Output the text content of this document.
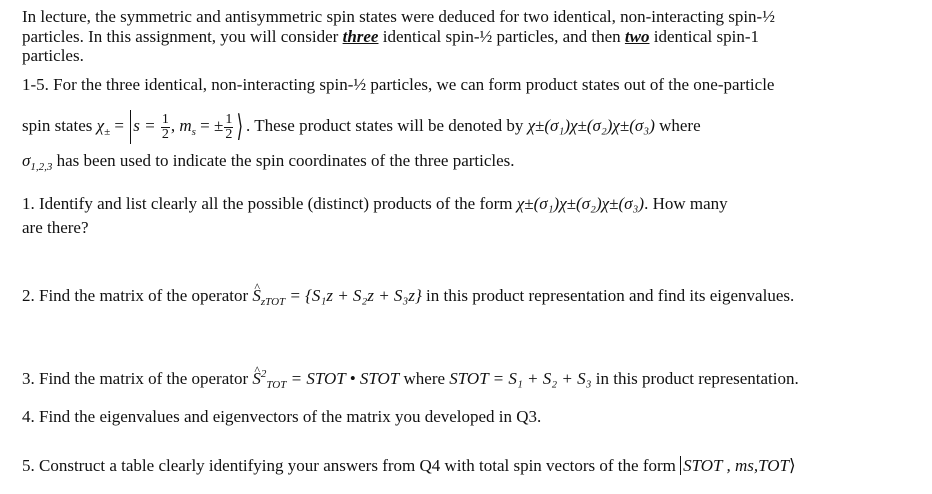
In lecture, the symmetric and antisymmetric spin states were deduced for two identical, non-interacting spin-½
particles. In this assignment, you will consider three identical spin-½ particles, and then two identical spin-1
particles.
1-5. For the three identical, non-interacting spin-½ particles, we can form product states out of the one-particle
spin states $\chi_\pm = s = \frac{1}{2}$ , $m_s$ = ± $\frac{1}{2}$ ⟩ . These product states will be denoted by χ±(σ₁)χ±(σ₂)χ±(σ₃) where
$\sigma_{1,2,3}$ has been used to indicate the spin coordinates of the three particles.
1. Identify and list clearly all the possible (distinct) products of the form χ±(σ₁)χ±(σ₂)χ±(σ₃). How many
are there?
2. Find the matrix of the operator ^ $S_{zTOT} = \{S_1z + S_2z + S_3z\}$ in this product representation and find its eigenvalues.
3. Find the matrix of the operator ^ $S^2_{TOT}$ = STOT • STOT where STOT = S₁ + S₂ + S₃ in this product representation.
4. Find the eigenvalues and eigenvectors of the matrix you developed in Q3.
5. Construct a table clearly identifying your answers from Q4 with total spin vectors of the form STOT , ms,TOT⟩
